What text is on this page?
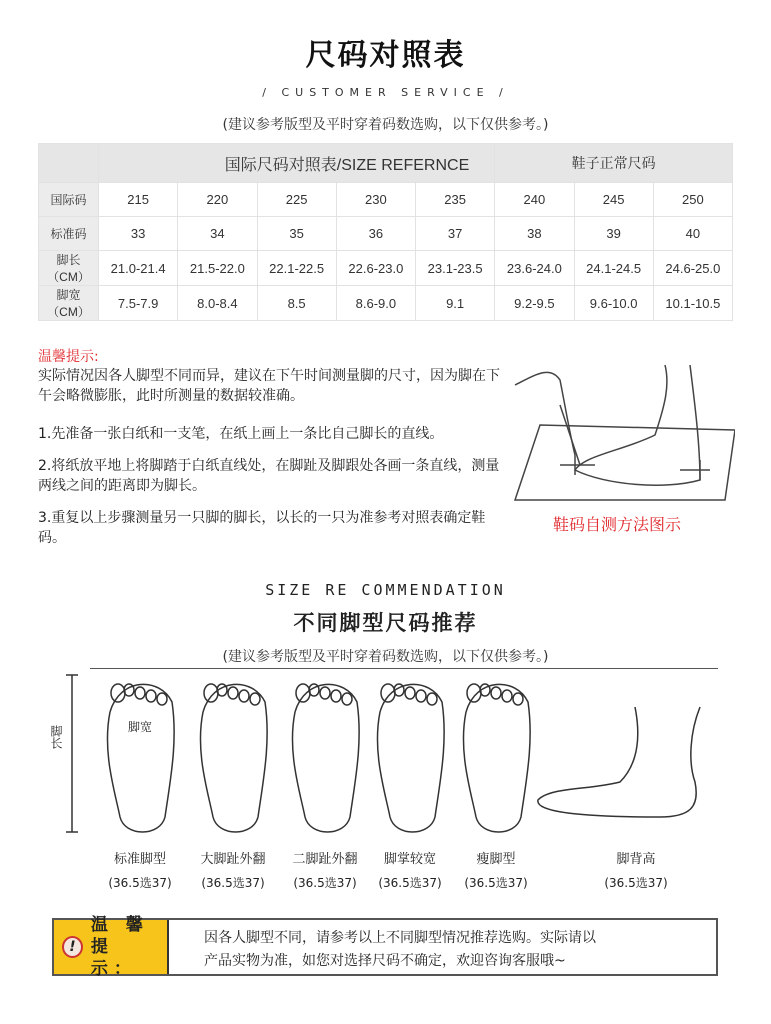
尺码对照表
/ CUSTOMER SERVICE /
(建议参考版型及平时穿着码数选购，以下仅供参考。)
	国际尺码对照表/SIZE REFERNCE					鞋子正常尺码		
国际码	215	220	225	230	235	240	245	250
标准码	33	34	35	36	37	38	39	40
脚长（CM）	21.0-21.4	21.5-22.0	22.1-22.5	22.6-23.0	23.1-23.5	23.6-24.0	24.1-24.5	24.6-25.0
脚宽（CM）	7.5-7.9	8.0-8.4	8.5	8.6-9.0	9.1	9.2-9.5	9.6-10.0	10.1-10.5
温馨提示:
实际情况因各人脚型不同而异，建议在下午时间测量脚的尺寸，因为脚在下午会略微膨胀，此时所测量的数据较准确。
1.先准备一张白纸和一支笔，在纸上画上一条比自己脚长的直线。
2.将纸放平地上将脚踏于白纸直线处，在脚趾及脚跟处各画一条直线，测量两线之间的距离即为脚长。
3.重复以上步骤测量另一只脚的脚长，以长的一只为准参考对照表确定鞋码。
鞋码自测方法图示
SIZE RE COMMENDATION
不同脚型尺码推荐
(建议参考版型及平时穿着码数选购，以下仅供参考。)
脚长	脚宽
标准脚型
(36.5选37)
大脚趾外翻
(36.5选37)
二脚趾外翻
(36.5选37)
脚掌较宽
(36.5选37)
瘦脚型
(36.5选37)
脚背高
(36.5选37)
!
温 馨
提 示：
因各人脚型不同，请参考以上不同脚型情况推荐选购。实际请以
产品实物为准，如您对选择尺码不确定，欢迎咨询客服哦~
